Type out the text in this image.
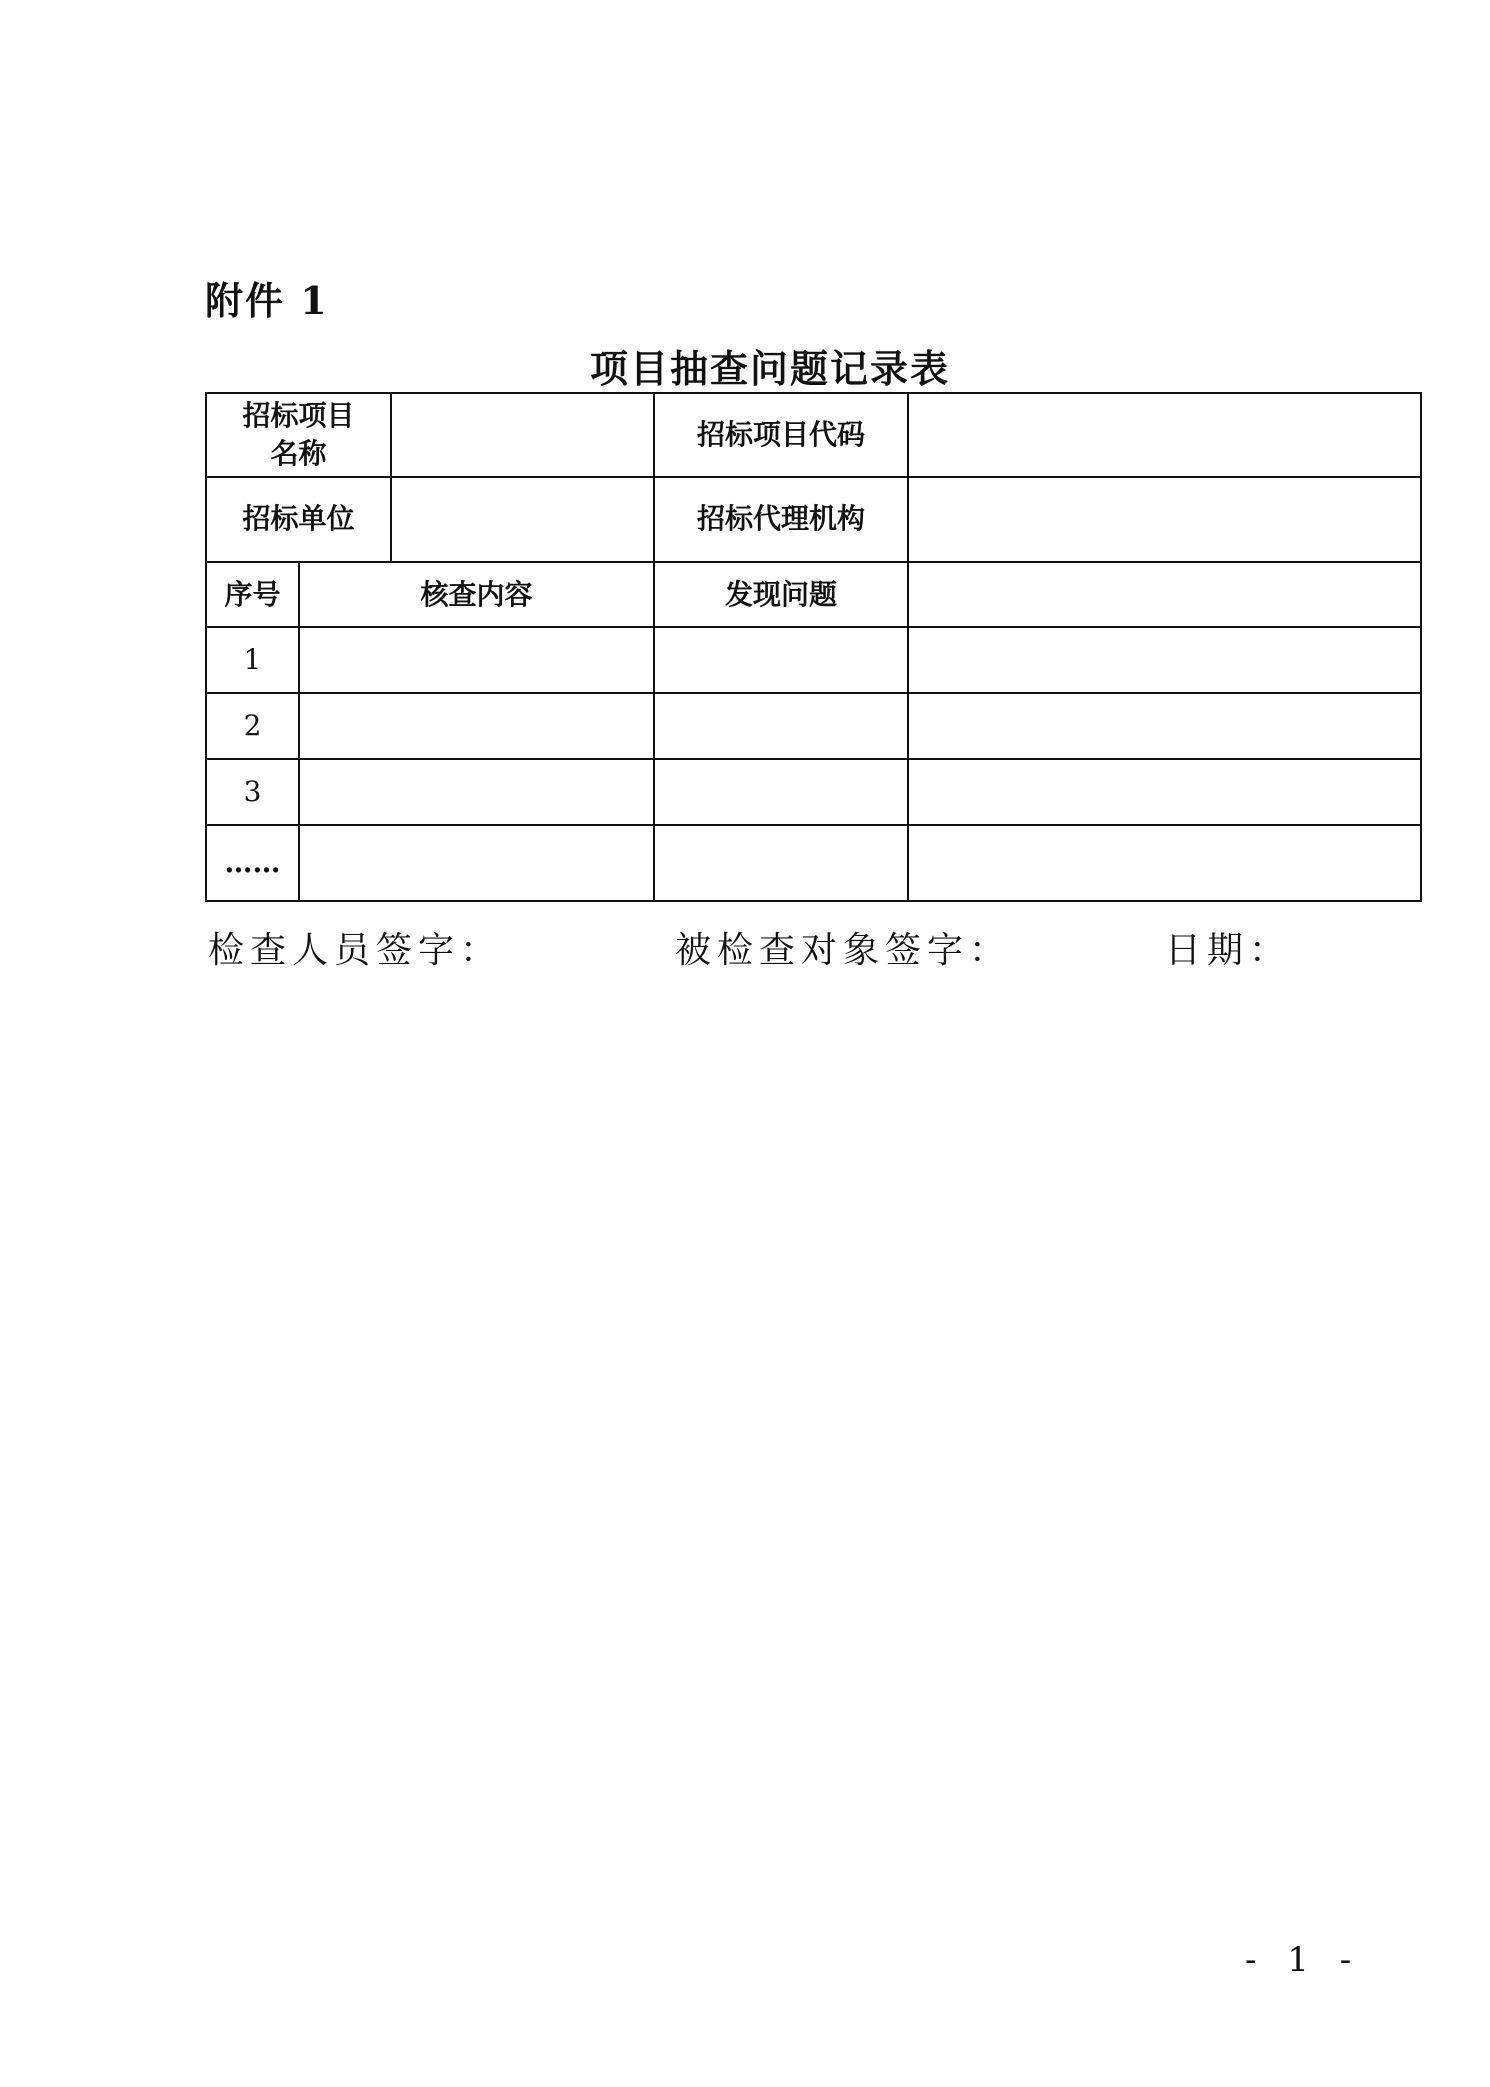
附件 1
项目抽查问题记录表
招标项目名称			招标项目代码	
招标单位			招标代理机构	
序号	核查内容		发现问题	
1				
2				
3				
……				
检查人员签字：	被检查对象签字：	日期：
- 1 -
